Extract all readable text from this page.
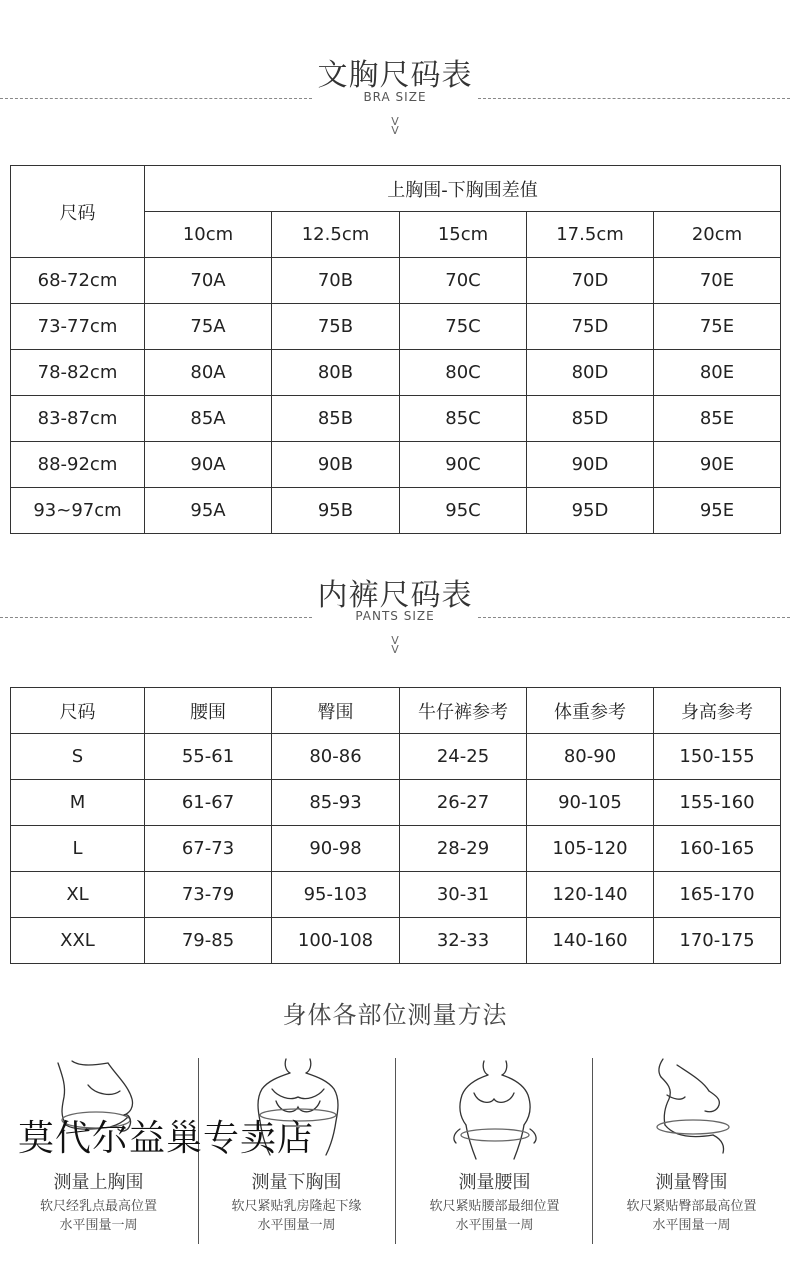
文胸尺码表
BRA SIZE
V
V
尺码	上胸围-下胸围差值				
	10cm	12.5cm	15cm	17.5cm	20cm
68-72cm	70A	70B	70C	70D	70E
73-77cm	75A	75B	75C	75D	75E
78-82cm	80A	80B	80C	80D	80E
83-87cm	85A	85B	85C	85D	85E
88-92cm	90A	90B	90C	90D	90E
93~97cm	95A	95B	95C	95D	95E
内裤尺码表
PANTS SIZE
V
V
尺码	腰围	臀围	牛仔裤参考	体重参考	身高参考
S	55-61	80-86	24-25	80-90	150-155
M	61-67	85-93	26-27	90-105	155-160
L	67-73	90-98	28-29	105-120	160-165
XL	73-79	95-103	30-31	120-140	165-170
XXL	79-85	100-108	32-33	140-160	170-175
身体各部位测量方法
测量上胸围
软尺经乳点最高位置
水平围量一周
测量下胸围
软尺紧贴乳房隆起下缘
水平围量一周
测量腰围
软尺紧贴腰部最细位置
水平围量一周
测量臀围
软尺紧贴臀部最高位置
水平围量一周
莫代尔益巢专卖店
